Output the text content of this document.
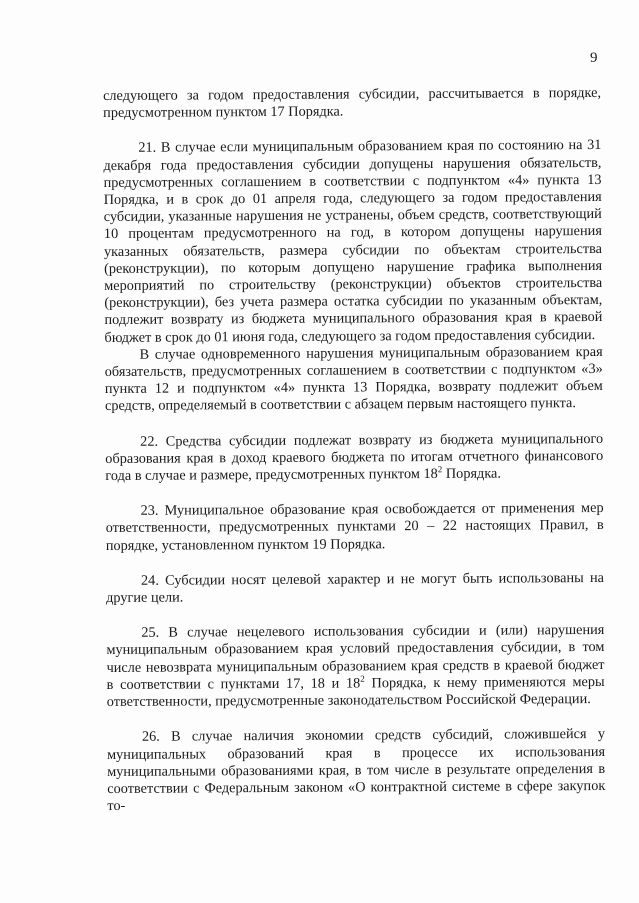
9

следующего за годом предоставления субсидии, рассчитывается в порядке, предусмотренном пунктом 17 Порядка.

21. В случае если муниципальным образованием края по состоянию на 31 декабря года предоставления субсидии допущены нарушения обязательств, предусмотренных соглашением в соответствии с подпунктом «4» пункта 13 Порядка, и в срок до 01 апреля года, следующего за годом предоставления субсидии, указанные нарушения не устранены, объем средств, соответствующий 10 процентам предусмотренного на год, в котором допущены нарушения указанных обязательств, размера субсидии по объектам строительства (реконструкции), по которым допущено нарушение графика выполнения мероприятий по строительству (реконструкции) объектов строительства (реконструкции), без учета размера остатка субсидии по указанным объектам, подлежит возврату из бюджета муниципального образования края в краевой бюджет в срок до 01 июня года, следующего за годом предоставления субсидии.

В случае одновременного нарушения муниципальным образованием края обязательств, предусмотренных соглашением в соответствии с подпунктом «3» пункта 12 и подпунктом «4» пункта 13 Порядка, возврату подлежит объем средств, определяемый в соответствии с абзацем первым настоящего пункта.

22. Средства субсидии подлежат возврату из бюджета муниципального образования края в доход краевого бюджета по итогам отчетного финансового года в случае и размере, предусмотренных пунктом $18^2$ Порядка.

23. Муниципальное образование края освобождается от применения мер ответственности, предусмотренных пунктами 20 – 22 настоящих Правил, в порядке, установленном пунктом 19 Порядка.

24. Субсидии носят целевой характер и не могут быть использованы на другие цели.

25. В случае нецелевого использования субсидии и (или) нарушения муниципальным образованием края условий предоставления субсидии, в том числе невозврата муниципальным образованием края средств в краевой бюджет в соответствии с пунктами 17, 18 и $18^2$ Порядка, к нему применяются меры ответственности, предусмотренные законодательством Российской Федерации.

26. В случае наличия экономии средств субсидий, сложившейся у муниципальных образований края в процессе их использования муниципальными образованиями края, в том числе в результате определения в соответствии с Федеральным законом «О контрактной системе в сфере закупок то-
